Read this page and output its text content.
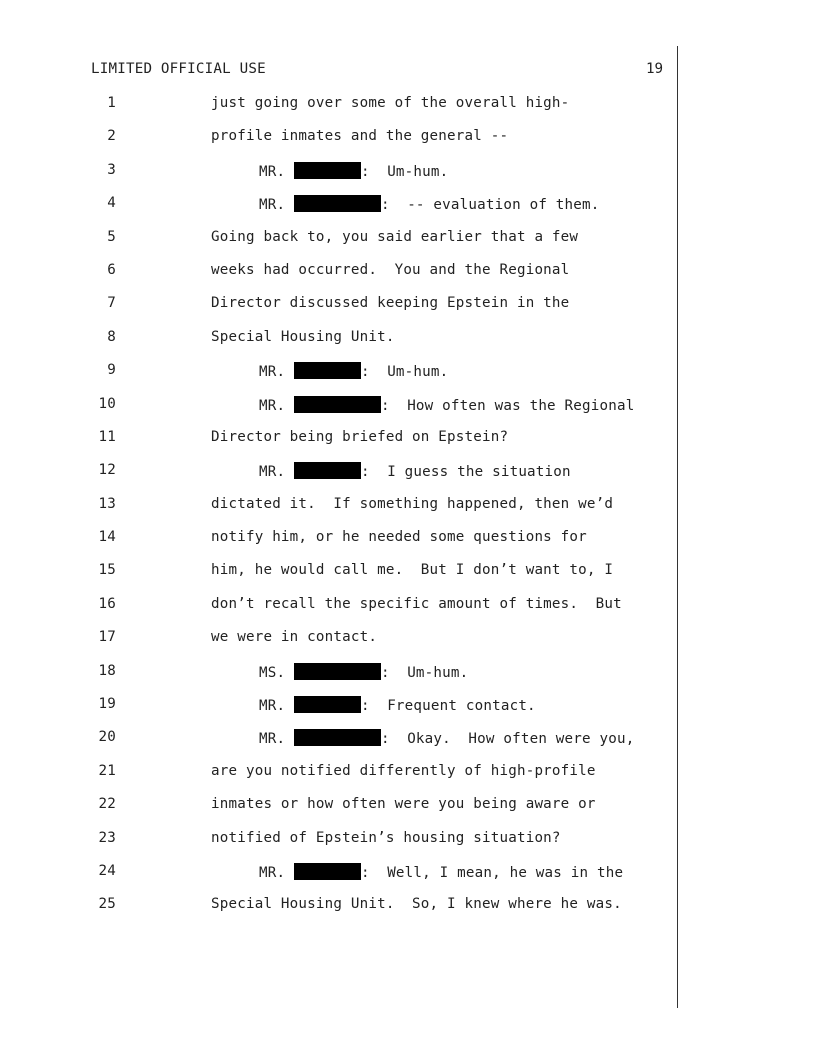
LIMITED OFFICIAL USE	19
1	just going over some of the overall high-
2	profile inmates and the general --
3	MR.	:  Um-hum.
4	MR.	:  -- evaluation of them.
5	Going back to, you said earlier that a few
6	weeks had occurred.  You and the Regional
7	Director discussed keeping Epstein in the
8	Special Housing Unit.
9	MR.	:  Um-hum.
10	MR.	:  How often was the Regional
11	Director being briefed on Epstein?
12	MR.	:  I guess the situation
13	dictated it.  If something happened, then we’d
14	notify him, or he needed some questions for
15	him, he would call me.  But I don’t want to, I
16	don’t recall the specific amount of times.  But
17	we were in contact.
18	MS.	:  Um-hum.
19	MR.	:  Frequent contact.
20	MR.	:  Okay.  How often were you,
21	are you notified differently of high-profile
22	inmates or how often were you being aware or
23	notified of Epstein’s housing situation?
24	MR.	:  Well, I mean, he was in the
25	Special Housing Unit.  So, I knew where he was.
